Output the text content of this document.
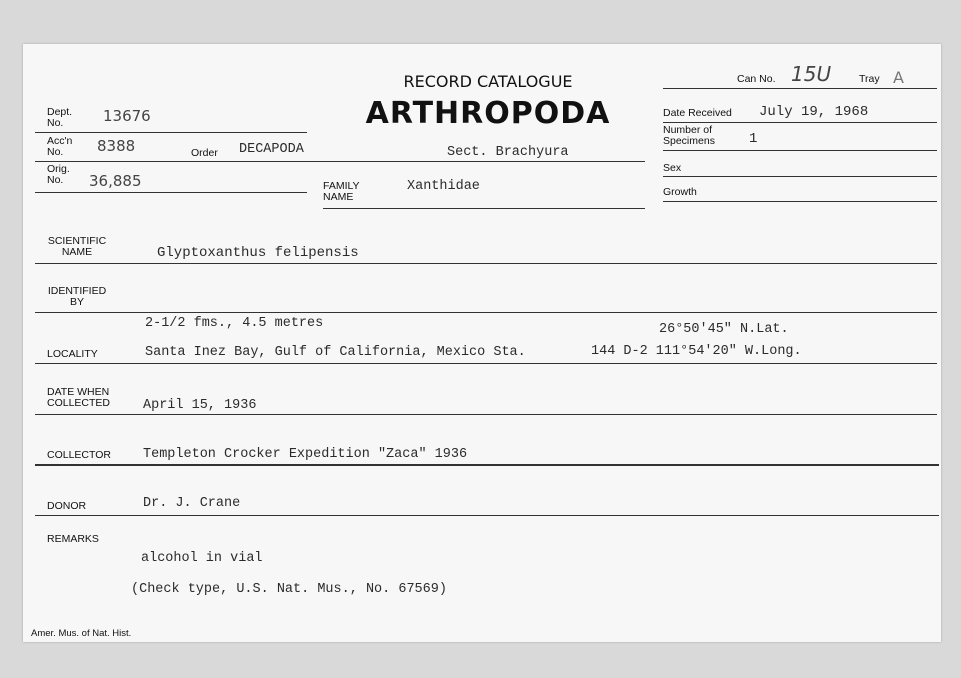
RECORD CATALOGUE
ARTHROPODA
Can No. 15U	Tray A
Date Received July 19, 1968
Number of Specimens	1
Sex
Growth
Dept. No.	13676
Acc'n No.	8388	Order DECAPODA	Sect. Brachyura
Orig. No.	36,885	FAMILY NAME
Xanthidae
SCIENTIFIC NAME	Glyptoxanthus felipensis
IDENTIFIED BY
2-1/2 fms., 4.5 metres	26°50'45" N.Lat.
LOCALITY	Santa Inez Bay, Gulf of California, Mexico Sta.	144 D-2 111°54'20" W.Long.
DATE WHEN COLLECTED	April 15, 1936
COLLECTOR Templeton Crocker Expedition "Zaca" 1936
DONOR	Dr. J. Crane
REMARKS
alcohol in vial
(Check type, U.S. Nat. Mus., No. 67569)
Amer. Mus. of Nat. Hist.
